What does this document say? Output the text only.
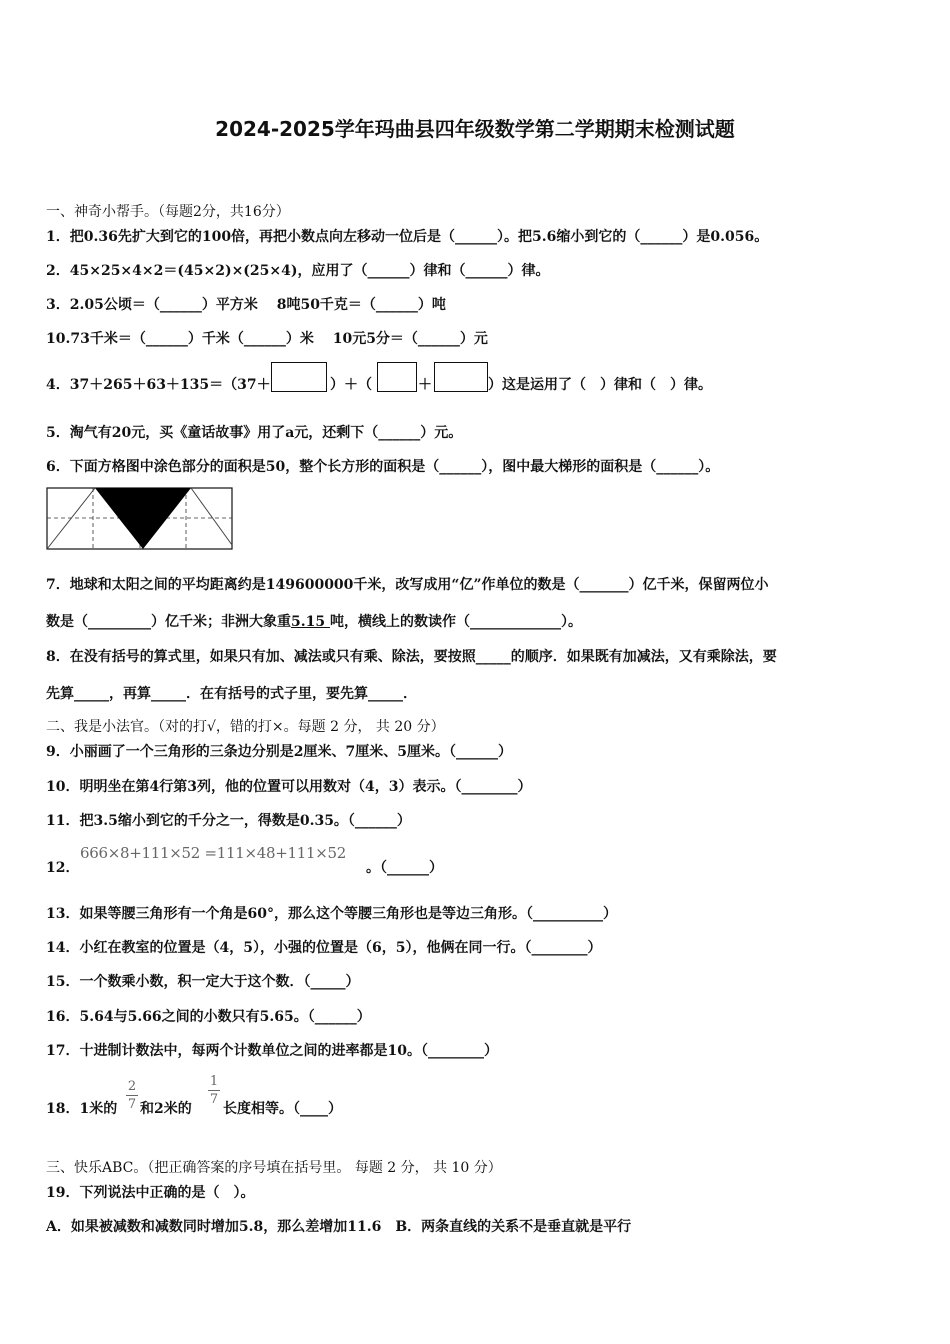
2024-2025学年玛曲县四年级数学第二学期期末检测试题
一、神奇小帮手。（每题2分，共16分）
1．把0.36先扩大到它的100倍，再把小数点向左移动一位后是（______）。把5.6缩小到它的（______）是0.056。
2．45×25×4×2＝(45×2)×(25×4)，应用了（______）律和（______）律。
3．2.05公顷＝（______）平方米　 8吨50千克＝（______）吨
10.73千米＝（______）千米（______）米　 10元5分＝（______）元
4．37＋265＋63＋135＝（37＋	）＋（	＋	）这是运用了（　）律和（　）律。
5．淘气有20元，买《童话故事》用了a元，还剩下（______）元。
6．下面方格图中涂色部分的面积是50，整个长方形的面积是（______），图中最大梯形的面积是（______）。
7．地球和太阳之间的平均距离约是149600000千米，改写成用“亿”作单位的数是（_______）亿千米，保留两位小
数是（_________）亿千米；非洲大象重5.15 吨，横线上的数读作（_____________）。
8．在没有括号的算式里，如果只有加、减法或只有乘、除法，要按照_____的顺序．如果既有加减法，又有乘除法，要
先算_____，再算_____．在有括号的式子里，要先算_____．
二、我是小法官。（对的打√，错的打×。每题 2 分， 共 20 分）
9．小丽画了一个三角形的三条边分别是2厘米、7厘米、5厘米。（______）
10．明明坐在第4行第3列，他的位置可以用数对（4，3）表示。（________）
11．把3.5缩小到它的千分之一，得数是0.35。（______）
12．
666×8+111×52 =111×48+111×52
。（______）
13．如果等腰三角形有一个角是60°，那么这个等腰三角形也是等边三角形。（__________）
14．小红在教室的位置是（4，5），小强的位置是（6，5），他俩在同一行。（________）
15．一个数乘小数，积一定大于这个数．（_____）
16．5.64与5.66之间的小数只有5.65。（______）
17．十进制计数法中，每两个计数单位之间的进率都是10。（________）
18．1米的
2
7 和2米的
1
7
长度相等。（____）
三、快乐ABC。（把正确答案的序号填在括号里。 每题 2 分， 共 10 分）
19．下列说法中正确的是（　）。
A．如果被减数和减数同时增加5.8，那么差增加11.6　B．两条直线的关系不是垂直就是平行
